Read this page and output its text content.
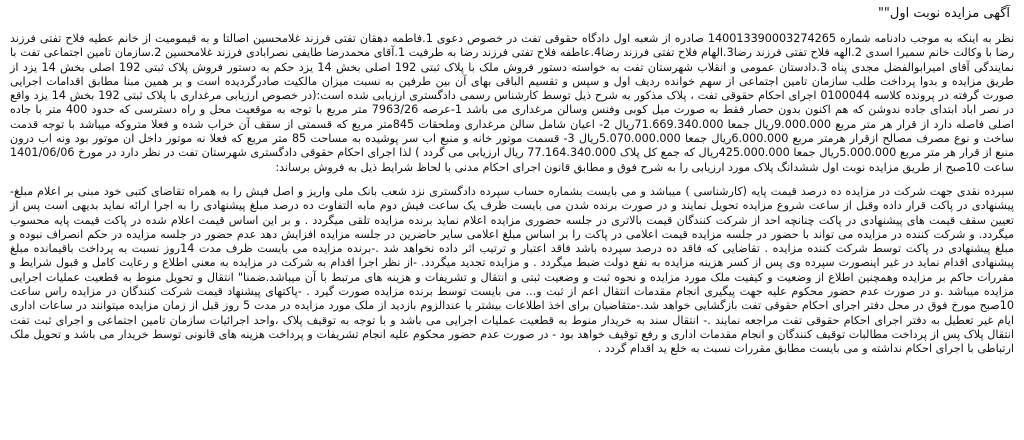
آگهی مزایده نوبت اول""
نظر به اینکه به موجب دادنامه شماره 140013390003274265 صادره از شعبه اول دادگاه حقوقی تفت در خصوص دعوی 1.فاطمه دهقان تفتی فرزند غلامحسین اصالتا و به قیمومیت از خانم عطیه فلاح تفتی فرزند رضا با وکالت خانم سمیرا اسدی 2.الهه فلاح تفتی فرزند رضا3.الهام فلاح تفتی فرزند رضا4.عاطفه فلاح تفتی فرزند رضا به طرفیت 1.آقای محمدرضا طایفی نصرابادی فرزند غلامحسین 2.سازمان تامین اجتماعی تفت با نمایندگی آقای امیرابوالفضل مجدی پناه 3.دادستان عمومی و انقلاب شهرستان تفت به خواسته دستور فروش ملک با پلاک ثبتی 192 اصلی بخش 14 یزد حکم به دستور فروش پلاک ثبتی 192 اصلی بخش 14 یزد از طریق مزایده و بدوا پرداخت طلب سازمان تامین اجتماعی از سهم خوانده ردیف اول و سپس و تقسیم الباقی بهای آن بین طرفین به نسبت میزان مالکیت صادرگردیده است و بر همین مبنا مطابق اقدامات اجرایی صورت گرفته در پرونده کلاسه 0100044 اجرای احکام حقوقی تفت ، پلاک مذکور به شرح ذیل توسط کارشناس رسمی دادگستری ارزیابی شده است:(در خصوص ارزیابی مرغداری با پلاک ثبتی 192 بخش 14 یزد واقع در نصر اباد ابتدای جاده ندوشن که هم اکنون بدون حصار فقط به صورت میل کوبی وفنس وسالن مرغداری می باشد 1-عرصه 7963/26 متر مربع با توجه به موقعیت محل و راه دسترسی که حدود 400 متر با جاده اصلی فاصله دارد از قرار هر متر مربع 9.000.000ریال جمعا 71.669.340.000ریال 2- اعیان شامل سالن مرغداری وملحقات 845متر مربع که قسمتی از سقف آن خراب شده و فعلا متروکه میباشد با توجه قدمت ساخت و نوع مصرف مصالح ازقرار هرمتر مربع 6.000.000ریال جمعا 5.070.000.000ریال 3- قسمت موتور خانه و منبع اب سر پوشیده به مساحت 85 متر مربع که فعلا نه موتور داخل ان موتور بود ونه اب درون منبع از قرار هر متر مربع 5.000.000ریال جمعا 425.000.000ریال که جمع کل پلاک 77.164.340.000 ریال ارزیابی می گردد ) لذا اجرای احکام حقوقی دادگستری شهرستان تفت در نظر دارد در مورخ 1401/06/06 ساعت 10صبح از طریق مزایده نوبت اول ششدانگ پلاک مورد ارزیابی را به شرح فوق و مطابق قانون اجرای احکام مدنی با لحاظ شرایط ذیل به فروش برساند:
سپرده نقدی جهت شرکت در مزایده ده درصد قیمت پایه (کارشناسی ) میباشد و می بایست بشماره حساب سپرده دادگستری نزد شعب بانک ملی واریز و اصل فیش را به همراه تقاضای کتبی خود مبنی بر اعلام مبلغ-پیشنهادی در پاکت قرار داده وقبل از ساعت شروع مزایده تحویل نمایند و در صورت برنده شدن می بایست ظرف یک ساعت فیش دوم مابه التفاوت ده درصد مبلغ پیشنهادی را به اجرا ارائه نماید بدیهی است پس از تعیین سقف قیمت های پیشنهادی در پاکت چنانچه احد از شرکت کنندگان قیمت بالاتری در جلسه حضوری مزایده اعلام نماید برنده مزایده تلقی میگردد . و بر این اساس قیمت اعلام شده در پاکت قیمت پایه محسوب میگردد. و شرکت کننده در مزایده می تواند با حضور در جلسه مزایده قیمت اعلامی در پاکت را بر اساس مبلغ اعلامی سایر حاضرین در جلسه مزایده افزایش دهد عدم حضور در جلسه مزایده در حکم انصراف نبوده و مبلغ پیشنهادی در پاکت توسط شرکت کننده مزایده . تقاضایی که فاقد ده درصد سپرده باشد فاقد اعتبار و ترتیب اثر داده نخواهد شد .-برنده مزایده می بایست ظرف مدت 14روز نسبت به پرداخت باقیمانده مبلغ پیشنهادی اقدام نماید در غیر اینصورت سپرده وی پس از کسر هزینه مزایده به نفع دولت ضبط میگردد . و مزایده تجدید میگردد. -از نظر اجرا اقدام به شرکت در مزایده به معنی اطلاع و رعایت کامل و قبول شرایط و مقررات حاکم بر مزایده وهمچنین اطلاع از وضعیت و کیفیت ملک مورد مزایده و نحوه ثبت و وضعیت ثبتی و انتقال و تشریفات و هزینه های مرتبط با آن میباشد.ضمنا" انتقال و تحویل منوط به قطعیت عملیات اجرایی مزایده میباشد .و در صورت عدم حضور محکوم علیه جهت پیگیری انجام مقدمات انتقال اعم از ثبت و... می بایست توسط برنده مزایده صورت گیرد . -پاکتهای پیشنهاد قیمت شرکت کنندگان در مزایده راس ساعت 10صبح مورخ فوق در محل دفتر اجرای احکام حقوقی تفت بازگشایی خواهد شد.-متقاضیان برای اخذ اطلاعات بیشتر یا عندالزوم بازدید از ملک مورد مزایده در مدت 5 روز قبل از زمان مزایده میتوانند در ساعات اداری ایام غیر تعطیل به دفتر اجرای احکام حقوقی تفت مراجعه نمایند .- انتقال سند به خریدار منوط به قطعیت عملیات اجرایی می باشد و با توجه به توقیف پلاک ،واحد اجرائیات سازمان تامین اجتماعی و اجرای ثبت تفت انتقال پلاک پس از پرداخت مطالبات توقیف کنندگان و انجام مقدمات اداری و رفع توقیف خواهد بود - در صورت عدم حضور محکوم علیه انجام تشریفات و پرداخت هزینه های قانونی توسط خریدار می باشد و تحویل ملک ارتباطی با اجرای احکام نداشته و می بایست مطابق مقررات نسبت به خلع ید اقدام گردد .
